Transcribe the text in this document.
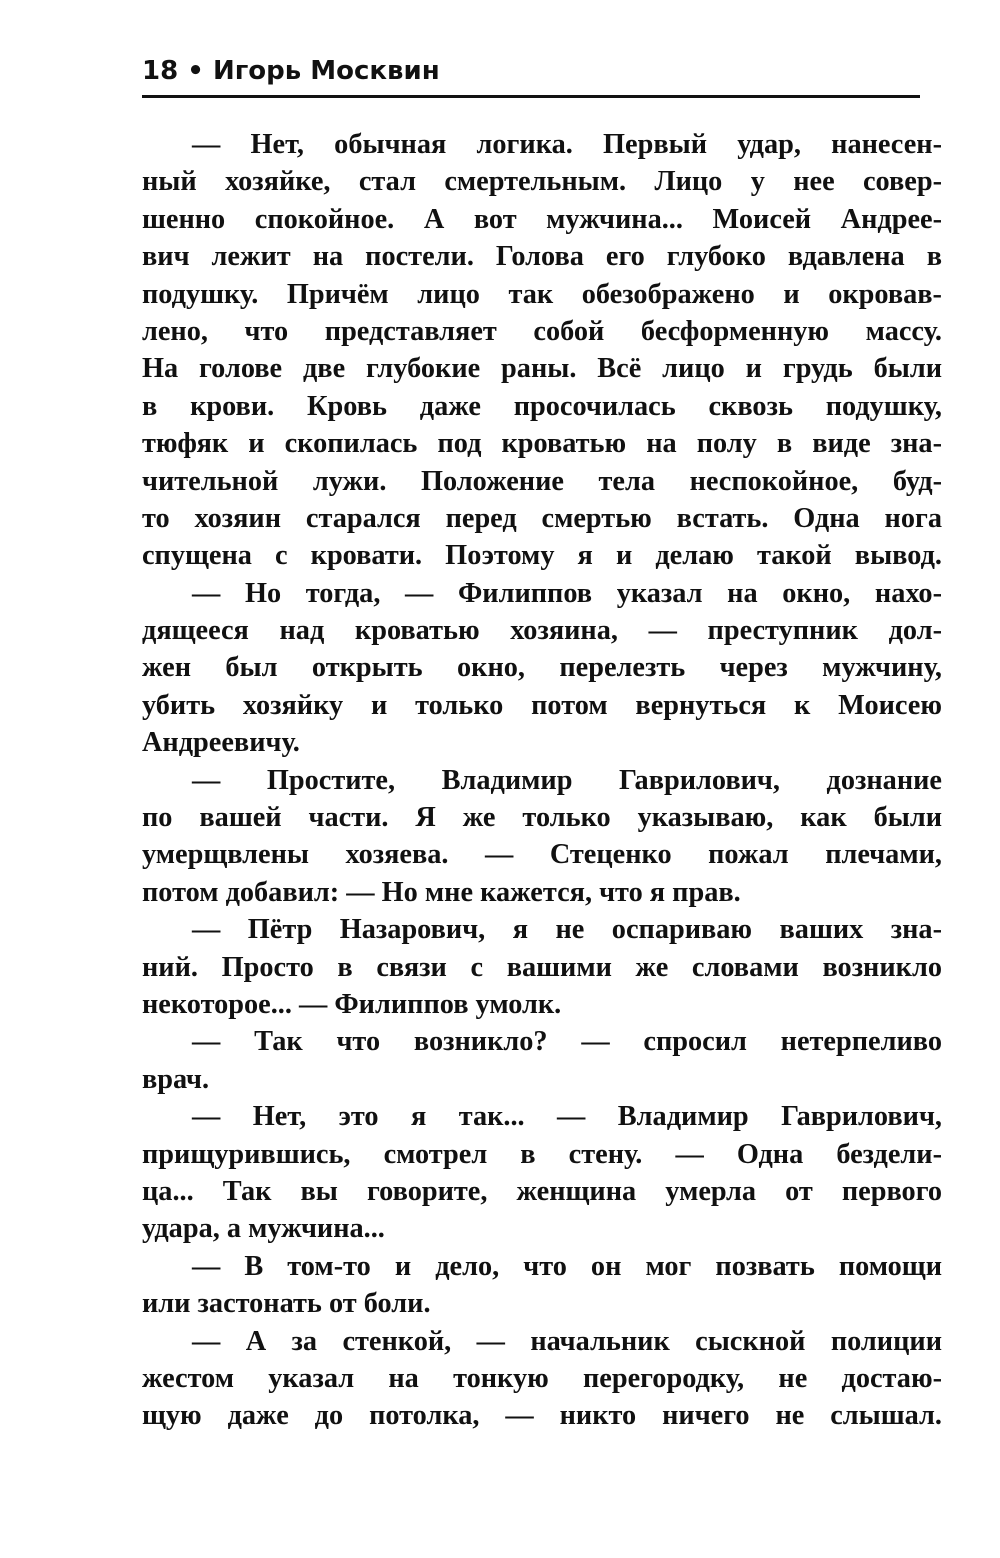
18 • Игорь Москвин
— Нет, обычная логика. Первый удар, нанесен-
ный хозяйке, стал смертельным. Лицо у нее совер-
шенно спокойное. А вот мужчина... Моисей Андрее-
вич лежит на постели. Голова его глубоко вдавлена в
подушку. Причём лицо так обезображено и окровав-
лено, что представляет собой бесформенную массу.
На голове две глубокие раны. Всё лицо и грудь были
в крови. Кровь даже просочилась сквозь подушку,
тюфяк и скопилась под кроватью на полу в виде зна-
чительной лужи. Положение тела неспокойное, буд-
то хозяин старался перед смертью встать. Одна нога
спущена с кровати. Поэтому я и делаю такой вывод.
— Но тогда, — Филиппов указал на окно, нахо-
дящееся над кроватью хозяина, — преступник дол-
жен был открыть окно, перелезть через мужчину,
убить хозяйку и только потом вернуться к Моисею
Андреевичу.
— Простите, Владимир Гаврилович, дознание
по вашей части. Я же только указываю, как были
умерщвлены хозяева. — Стеценко пожал плечами,
потом добавил: — Но мне кажется, что я прав.
— Пётр Назарович, я не оспариваю ваших зна-
ний. Просто в связи с вашими же словами возникло
некоторое... — Филиппов умолк.
— Так что возникло? — спросил нетерпеливо
врач.
— Нет, это я так... — Владимир Гаврилович,
прищурившись, смотрел в стену. — Одна бездели-
ца... Так вы говорите, женщина умерла от первого
удара, а мужчина...
— В том-то и дело, что он мог позвать помощи
или застонать от боли.
— А за стенкой, — начальник сыскной полиции
жестом указал на тонкую перегородку, не достаю-
щую даже до потолка, — никто ничего не слышал.
